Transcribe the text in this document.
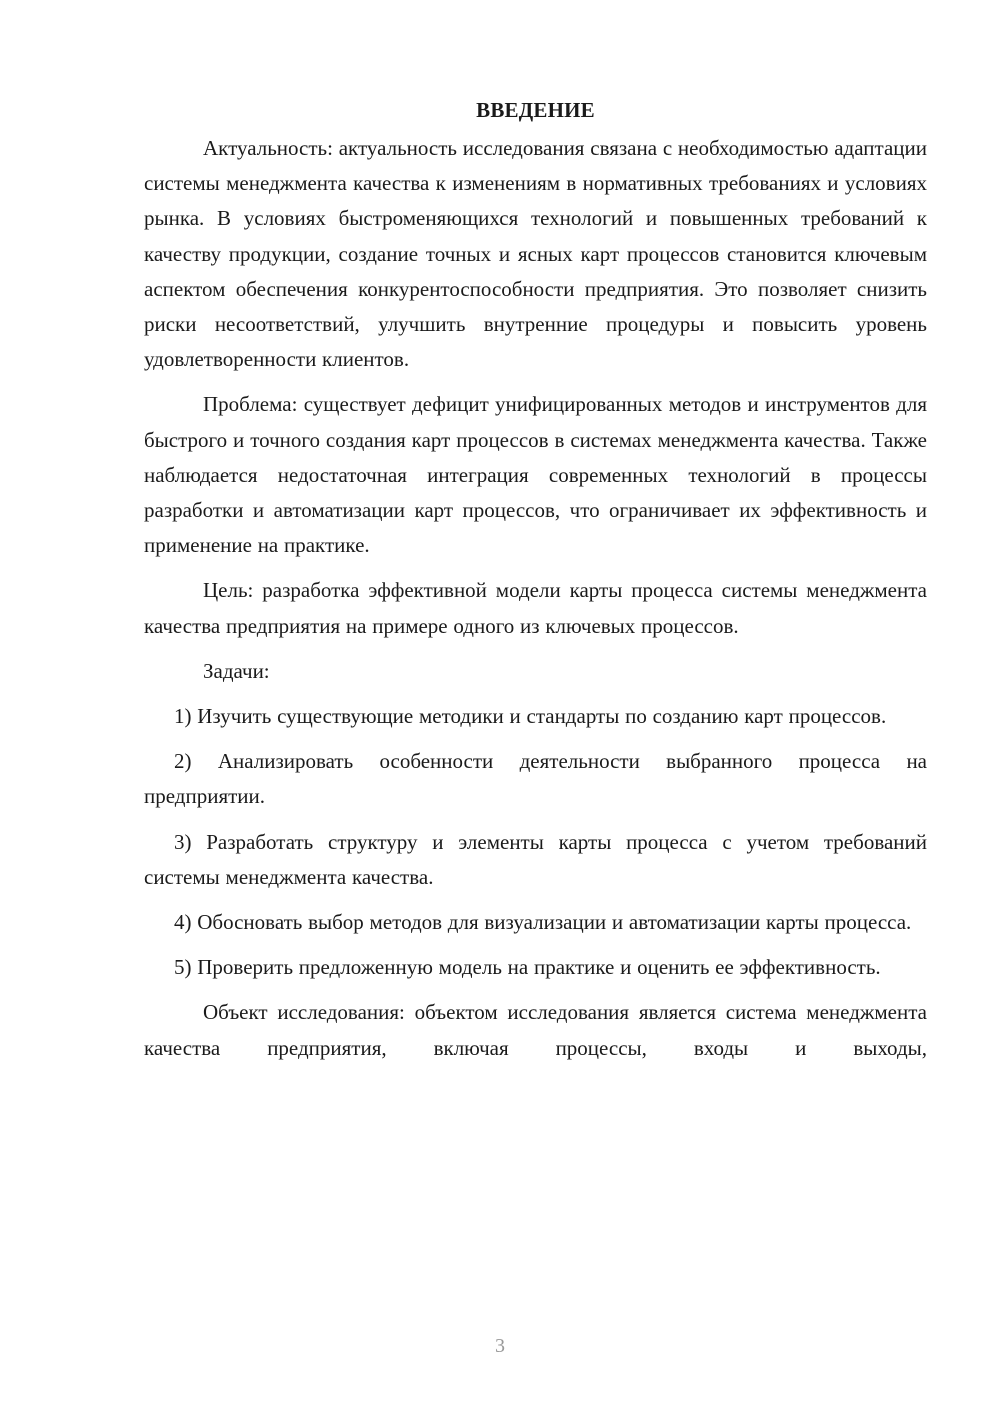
ВВЕДЕНИЕ

Актуальность: актуальность исследования связана с необходимостью адаптации системы менеджмента качества к изменениям в нормативных требованиях и условиях рынка. В условиях быстроменяющихся технологий и повышенных требований к качеству продукции, создание точных и ясных карт процессов становится ключевым аспектом обеспечения конкурентоспособности предприятия. Это позволяет снизить риски несоответствий, улучшить внутренние процедуры и повысить уровень удовлетворенности клиентов.

Проблема: существует дефицит унифицированных методов и инструментов для быстрого и точного создания карт процессов в системах менеджмента качества. Также наблюдается недостаточная интеграция современных технологий в процессы разработки и автоматизации карт процессов, что ограничивает их эффективность и применение на практике.

Цель: разработка эффективной модели карты процесса системы менеджмента качества предприятия на примере одного из ключевых процессов.

Задачи:

1) Изучить существующие методики и стандарты по созданию карт процессов.

2) Анализировать особенности деятельности выбранного процесса на предприятии.

3) Разработать структуру и элементы карты процесса с учетом требований системы менеджмента качества.

4) Обосновать выбор методов для визуализации и автоматизации карты процесса.

5) Проверить предложенную модель на практике и оценить ее эффективность.

Объект исследования: объектом исследования является система менеджмента качества предприятия, включая процессы, входы и выходы,

3
